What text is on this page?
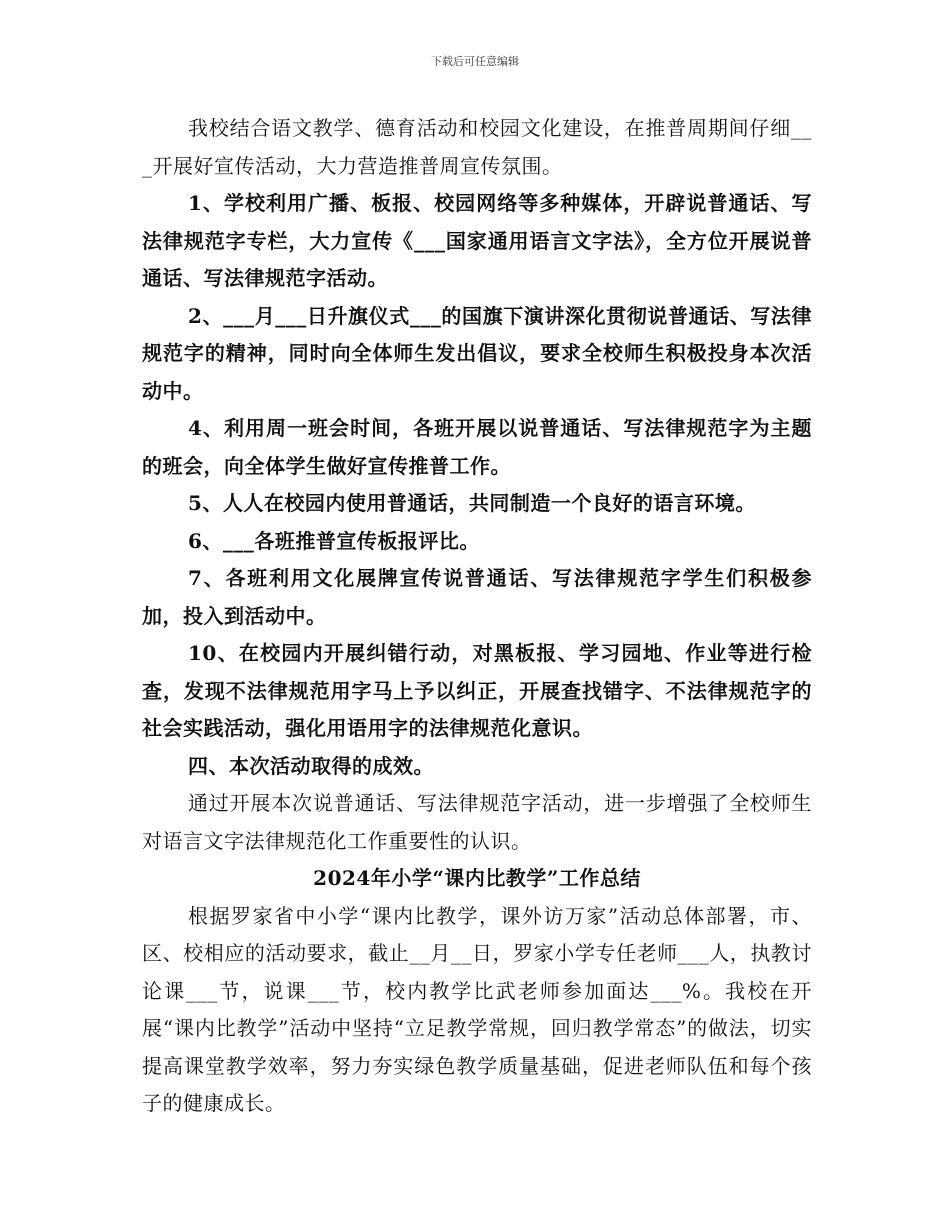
下载后可任意编辑

我校结合语文教学、德育活动和校园文化建设，在推普周期间仔细___开展好宣传活动，大力营造推普周宣传氛围。

1、学校利用广播、板报、校园网络等多种媒体，开辟说普通话、写法律规范字专栏，大力宣传《___国家通用语言文字法》，全方位开展说普通话、写法律规范字活动。

2、___月___日升旗仪式___的国旗下演讲深化贯彻说普通话、写法律规范字的精神，同时向全体师生发出倡议，要求全校师生积极投身本次活动中。

4、利用周一班会时间，各班开展以说普通话、写法律规范字为主题的班会，向全体学生做好宣传推普工作。

5、人人在校园内使用普通话，共同制造一个良好的语言环境。

6、___各班推普宣传板报评比。

7、各班利用文化展牌宣传说普通话、写法律规范字学生们积极参加，投入到活动中。

10、在校园内开展纠错行动，对黑板报、学习园地、作业等进行检查，发现不法律规范用字马上予以纠正，开展查找错字、不法律规范字的社会实践活动，强化用语用字的法律规范化意识。

四、本次活动取得的成效。

通过开展本次说普通话、写法律规范字活动，进一步增强了全校师生对语言文字法律规范化工作重要性的认识。

2024年小学“课内比教学”工作总结

根据罗家省中小学“课内比教学，课外访万家”活动总体部署，市、区、校相应的活动要求，截止__月__日，罗家小学专任老师___人，执教讨论课___节，说课___节，校内教学比武老师参加面达___%。我校在开展“课内比教学”活动中坚持“立足教学常规，回归教学常态”的做法，切实提高课堂教学效率，努力夯实绿色教学质量基础，促进老师队伍和每个孩子的健康成长。
